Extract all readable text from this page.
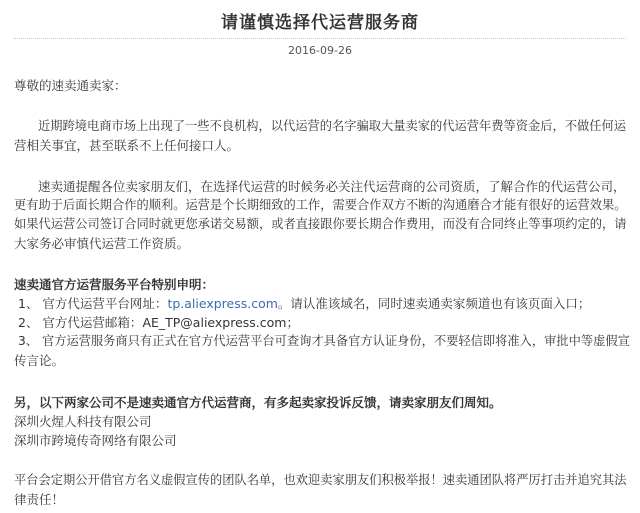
请谨慎选择代运营服务商
2016-09-26
尊敬的速卖通卖家：
近期跨境电商市场上出现了一些不良机构，以代运营的名字骗取大量卖家的代运营年费等资金后，不做任何运
营相关事宜，甚至联系不上任何接口人。
速卖通提醒各位卖家朋友们，在选择代运营的时候务必关注代运营商的公司资质，了解合作的代运营公司，
更有助于后面长期合作的顺利。运营是个长期细致的工作，需要合作双方不断的沟通磨合才能有很好的运营效果。
如果代运营公司签订合同时就更您承诺交易额，或者直接跟你要长期合作费用，而没有合同终止等事项约定的，请
大家务必审慎代运营工作资质。
速卖通官方运营服务平台特别申明：
1、 官方代运营平台网址：tp.aliexpress.com。请认准该域名，同时速卖通卖家频道也有该页面入口；
2、 官方代运营邮箱：AE_TP@aliexpress.com；
3、 官方运营服务商只有正式在官方代运营平台可查询才具备官方认证身份，不要轻信即将准入，审批中等虚假宣
传言论。
另，以下两家公司不是速卖通官方代运营商，有多起卖家投诉反馈，请卖家朋友们周知。
深圳火煋人科技有限公司
深圳市跨境传奇网络有限公司
平台会定期公开借官方名义虚假宣传的团队名单，也欢迎卖家朋友们积极举报！速卖通团队将严厉打击并追究其法
律责任！
